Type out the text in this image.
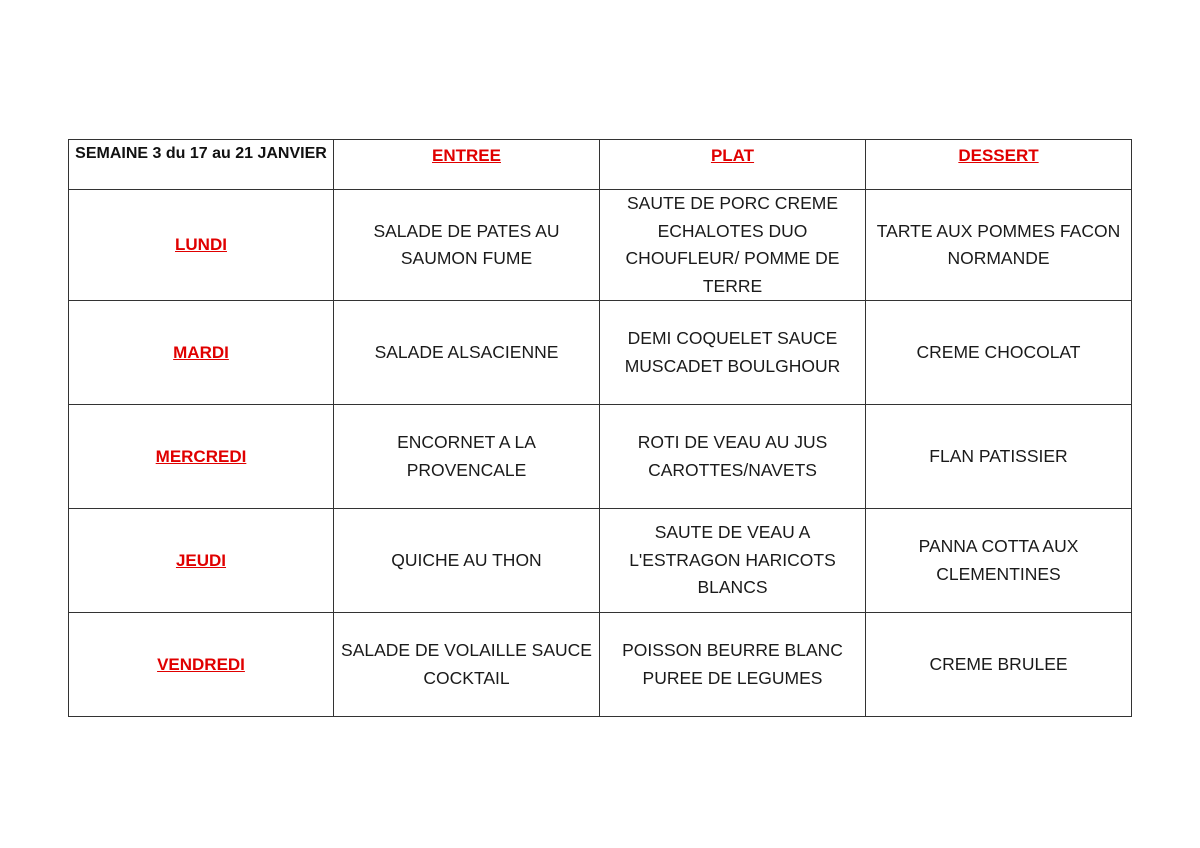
SEMAINE 3 du 17 au 21 JANVIER	ENTREE	PLAT	DESSERT
LUNDI	SALADE DE PATES AU SAUMON FUME	SAUTE DE PORC CREME ECHALOTES DUO CHOUFLEUR/ POMME DE TERRE	TARTE AUX POMMES FACON NORMANDE

MARDI	SALADE ALSACIENNE	DEMI COQUELET SAUCE MUSCADET BOULGHOUR	CREME CHOCOLAT

MERCREDI	ENCORNET A LA PROVENCALE	ROTI DE VEAU AU JUS CAROTTES/NAVETS	FLAN PATISSIER

JEUDI	QUICHE AU THON	SAUTE DE VEAU A L'ESTRAGON HARICOTS BLANCS	PANNA COTTA AUX CLEMENTINES

VENDREDI	SALADE DE VOLAILLE SAUCE COCKTAIL	POISSON BEURRE BLANC PUREE DE LEGUMES	CREME BRULEE
